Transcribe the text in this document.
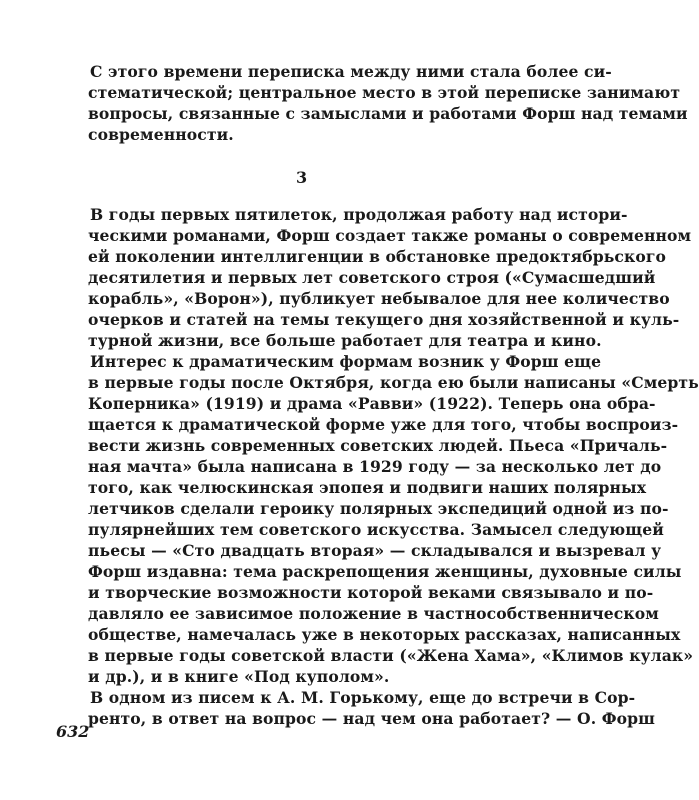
С этого времени переписка между ними стала более си-
стематической; центральное место в этой переписке занимают
вопросы, связанные с замыслами и работами Форш над темами
современности.
3
В годы первых пятилеток, продолжая работу над истори-
ческими романами, Форш создает также романы о современном
ей поколении интеллигенции в обстановке предоктябрьского
десятилетия и первых лет советского строя («Сумасшедший
корабль», «Ворон»), публикует небывалое для нее количество
очерков и статей на темы текущего дня хозяйственной и куль-
турной жизни, все больше работает для театра и кино.
Интерес к драматическим формам возник у Форш еще
в первые годы после Октября, когда ею были написаны «Смерть
Коперника» (1919) и драма «Равви» (1922). Теперь она обра-
щается к драматической форме уже для того, чтобы воспроиз-
вести жизнь современных советских людей. Пьеса «Причаль-
ная мачта» была написана в 1929 году — за несколько лет до
того, как челюскинская эпопея и подвиги наших полярных
летчиков сделали героику полярных экспедиций одной из по-
пулярнейших тем советского искусства. Замысел следующей
пьесы — «Сто двадцать вторая» — складывался и вызревал у
Форш издавна: тема раскрепощения женщины, духовные силы
и творческие возможности которой веками связывало и по-
давляло ее зависимое положение в частнособственническом
обществе, намечалась уже в некоторых рассказах, написанных
в первые годы советской власти («Жена Хама», «Климов кулак»
и др.), и в книге «Под куполом».
В одном из писем к А. М. Горькому, еще до встречи в Сор-
ренто, в ответ на вопрос — над чем она работает? — О. Форш
632
